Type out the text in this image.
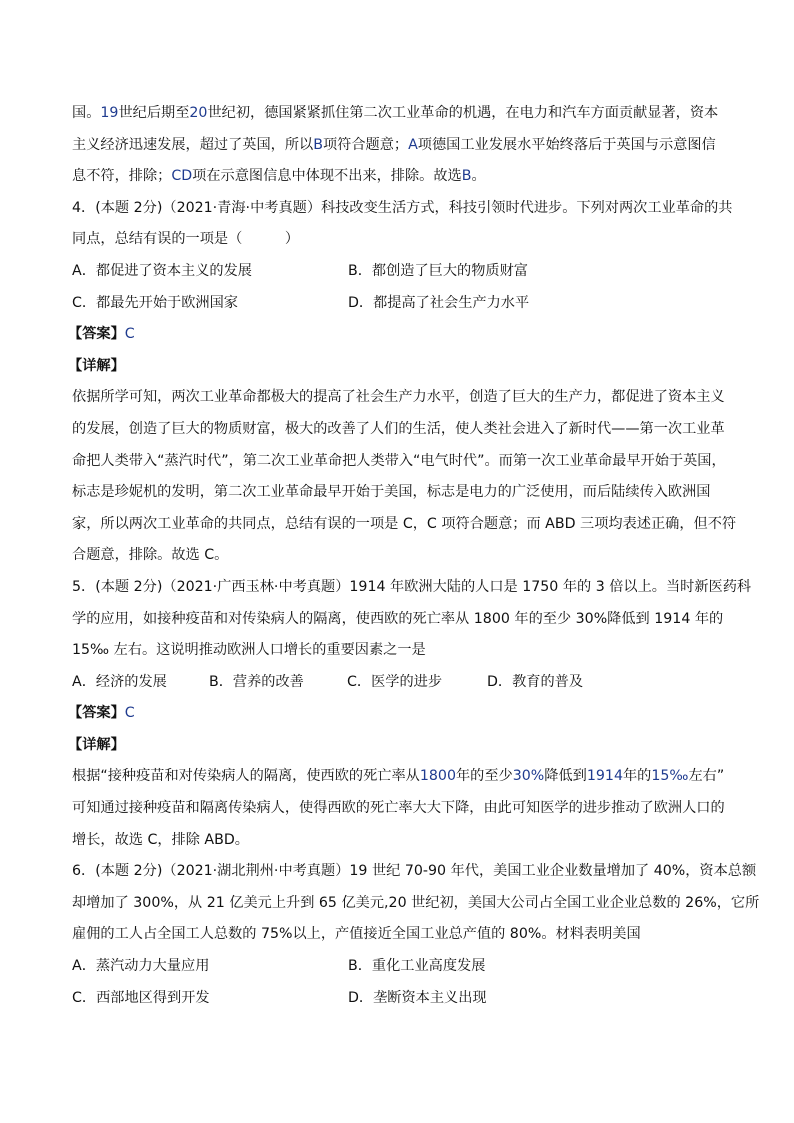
国。19世纪后期至20世纪初，德国紧紧抓住第二次工业革命的机遇，在电力和汽车方面贡献显著，资本

主义经济迅速发展，超过了英国，所以B项符合题意；A项德国工业发展水平始终落后于英国与示意图信

息不符，排除；CD项在示意图信息中体现不出来，排除。故选B。

4．(本题 2分)（2021·青海·中考真题）科技改变生活方式，科技引领时代进步。下列对两次工业革命的共

同点，总结有误的一项是（　　　）

A．都促进了资本主义的发展	B．都创造了巨大的物质财富
C．都最先开始于欧洲国家	D．都提高了社会生产力水平

【答案】C

【详解】

依据所学可知，两次工业革命都极大的提高了社会生产力水平，创造了巨大的生产力，都促进了资本主义

的发展，创造了巨大的物质财富，极大的改善了人们的生活，使人类社会进入了新时代——第一次工业革

命把人类带入“蒸汽时代”，第二次工业革命把人类带入“电气时代”。而第一次工业革命最早开始于英国，

标志是珍妮机的发明，第二次工业革命最早开始于美国，标志是电力的广泛使用，而后陆续传入欧洲国

家，所以两次工业革命的共同点，总结有误的一项是 C，C 项符合题意；而 ABD 三项均表述正确，但不符

合题意，排除。故选 C。

5．(本题 2分)（2021·广西玉林·中考真题）1914 年欧洲大陆的人口是 1750 年的 3 倍以上。当时新医药科

学的应用，如接种疫苗和对传染病人的隔离，使西欧的死亡率从 1800 年的至少 30%降低到 1914 年的

15‰ 左右。这说明推动欧洲人口增长的重要因素之一是

A．经济的发展	B．营养的改善	C．医学的进步	D．教育的普及

【答案】C

【详解】

根据“接种疫苗和对传染病人的隔离，使西欧的死亡率从1800年的至少30%降低到1914年的15‰左右”

可知通过接种疫苗和隔离传染病人，使得西欧的死亡率大大下降，由此可知医学的进步推动了欧洲人口的

增长，故选 C，排除 ABD。

6．(本题 2分)（2021·湖北荆州·中考真题）19 世纪 70-90 年代，美国工业企业数量增加了 40%，资本总额

却增加了 300%，从 21 亿美元上升到 65 亿美元,20 世纪初，美国大公司占全国工业企业总数的 26%，它所

雇佣的工人占全国工人总数的 75%以上，产值接近全国工业总产值的 80%。材料表明美国

A．蒸汽动力大量应用	B．重化工业高度发展
C．西部地区得到开发	D．垄断资本主义出现
